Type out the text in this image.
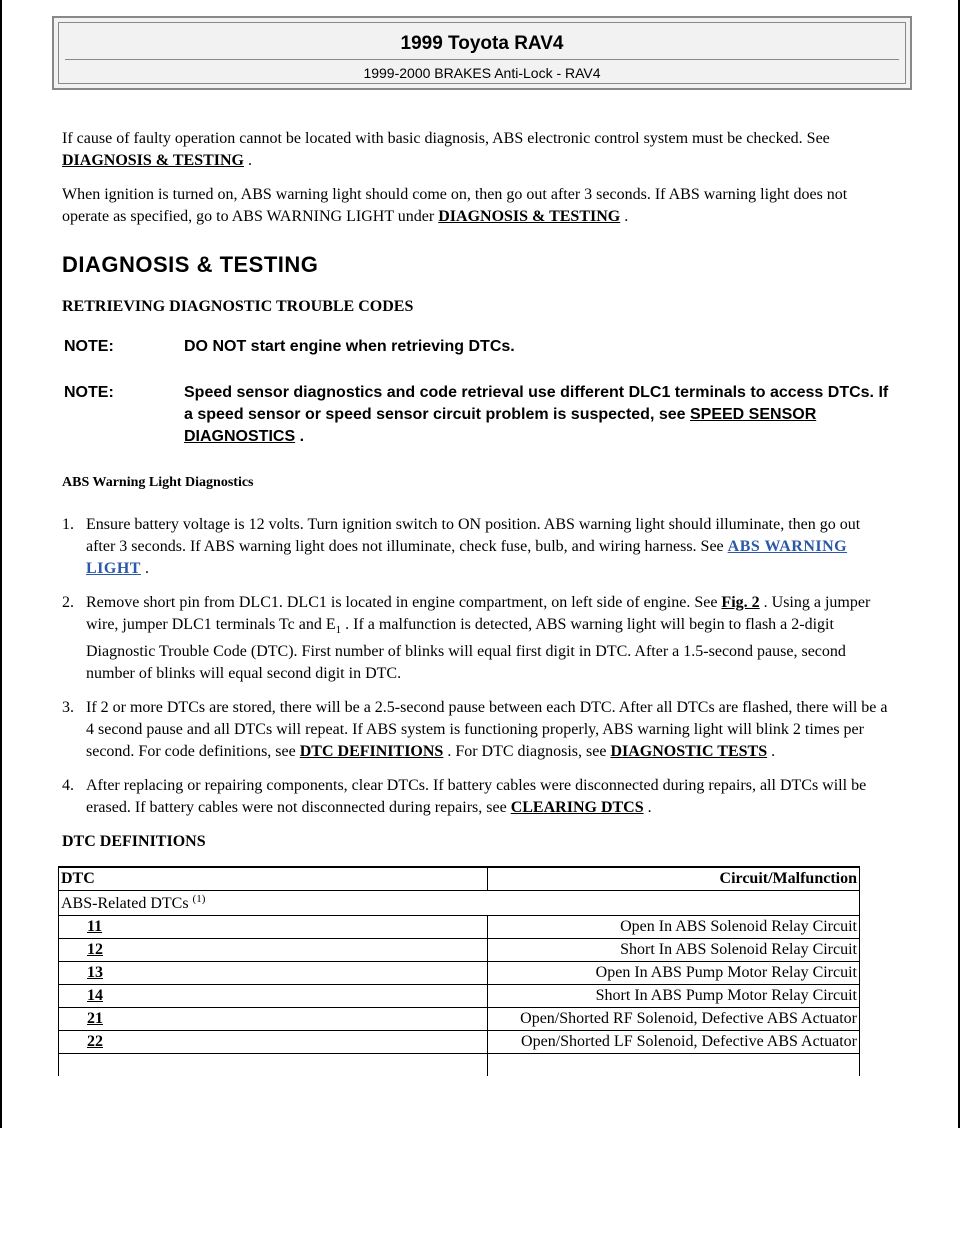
1999 Toyota RAV4
1999-2000 BRAKES Anti-Lock - RAV4

If cause of faulty operation cannot be located with basic diagnosis, ABS electronic control system must be checked. See DIAGNOSIS & TESTING .

When ignition is turned on, ABS warning light should come on, then go out after 3 seconds. If ABS warning light does not operate as specified, go to ABS WARNING LIGHT under DIAGNOSIS & TESTING .

DIAGNOSIS & TESTING
RETRIEVING DIAGNOSTIC TROUBLE CODES
NOTE:	DO NOT start engine when retrieving DTCs.
NOTE:	Speed sensor diagnostics and code retrieval use different DLC1 terminals to access DTCs. If a speed sensor or speed sensor circuit problem is suspected, see SPEED SENSOR DIAGNOSTICS .
ABS Warning Light Diagnostics
1. Ensure battery voltage is 12 volts. Turn ignition switch to ON position. ABS warning light should illuminate, then go out after 3 seconds. If ABS warning light does not illuminate, check fuse, bulb, and wiring harness. See ABS WARNING LIGHT .
2. Remove short pin from DLC1. DLC1 is located in engine compartment, on left side of engine. See Fig. 2 . Using a jumper wire, jumper DLC1 terminals Tc and $E_1$ . If a malfunction is detected, ABS warning light will begin to flash a 2-digit Diagnostic Trouble Code (DTC). First number of blinks will equal first digit in DTC. After a 1.5-second pause, second number of blinks will equal second digit in DTC.
3. If 2 or more DTCs are stored, there will be a 2.5-second pause between each DTC. After all DTCs are flashed, there will be a 4 second pause and all DTCs will repeat. If ABS system is functioning properly, ABS warning light will blink 2 times per second. For code definitions, see DTC DEFINITIONS . For DTC diagnosis, see DIAGNOSTIC TESTS .
4. After replacing or repairing components, clear DTCs. If battery cables were disconnected during repairs, all DTCs will be erased. If battery cables were not disconnected during repairs, see CLEARING DTCS .
DTC DEFINITIONS
DTC	Circuit/Malfunction
ABS-Related DTCs $^{(1)}$
11	Open In ABS Solenoid Relay Circuit
12	Short In ABS Solenoid Relay Circuit
13	Open In ABS Pump Motor Relay Circuit
14	Short In ABS Pump Motor Relay Circuit
21	Open/Shorted RF Solenoid, Defective ABS Actuator
22	Open/Shorted LF Solenoid, Defective ABS Actuator
